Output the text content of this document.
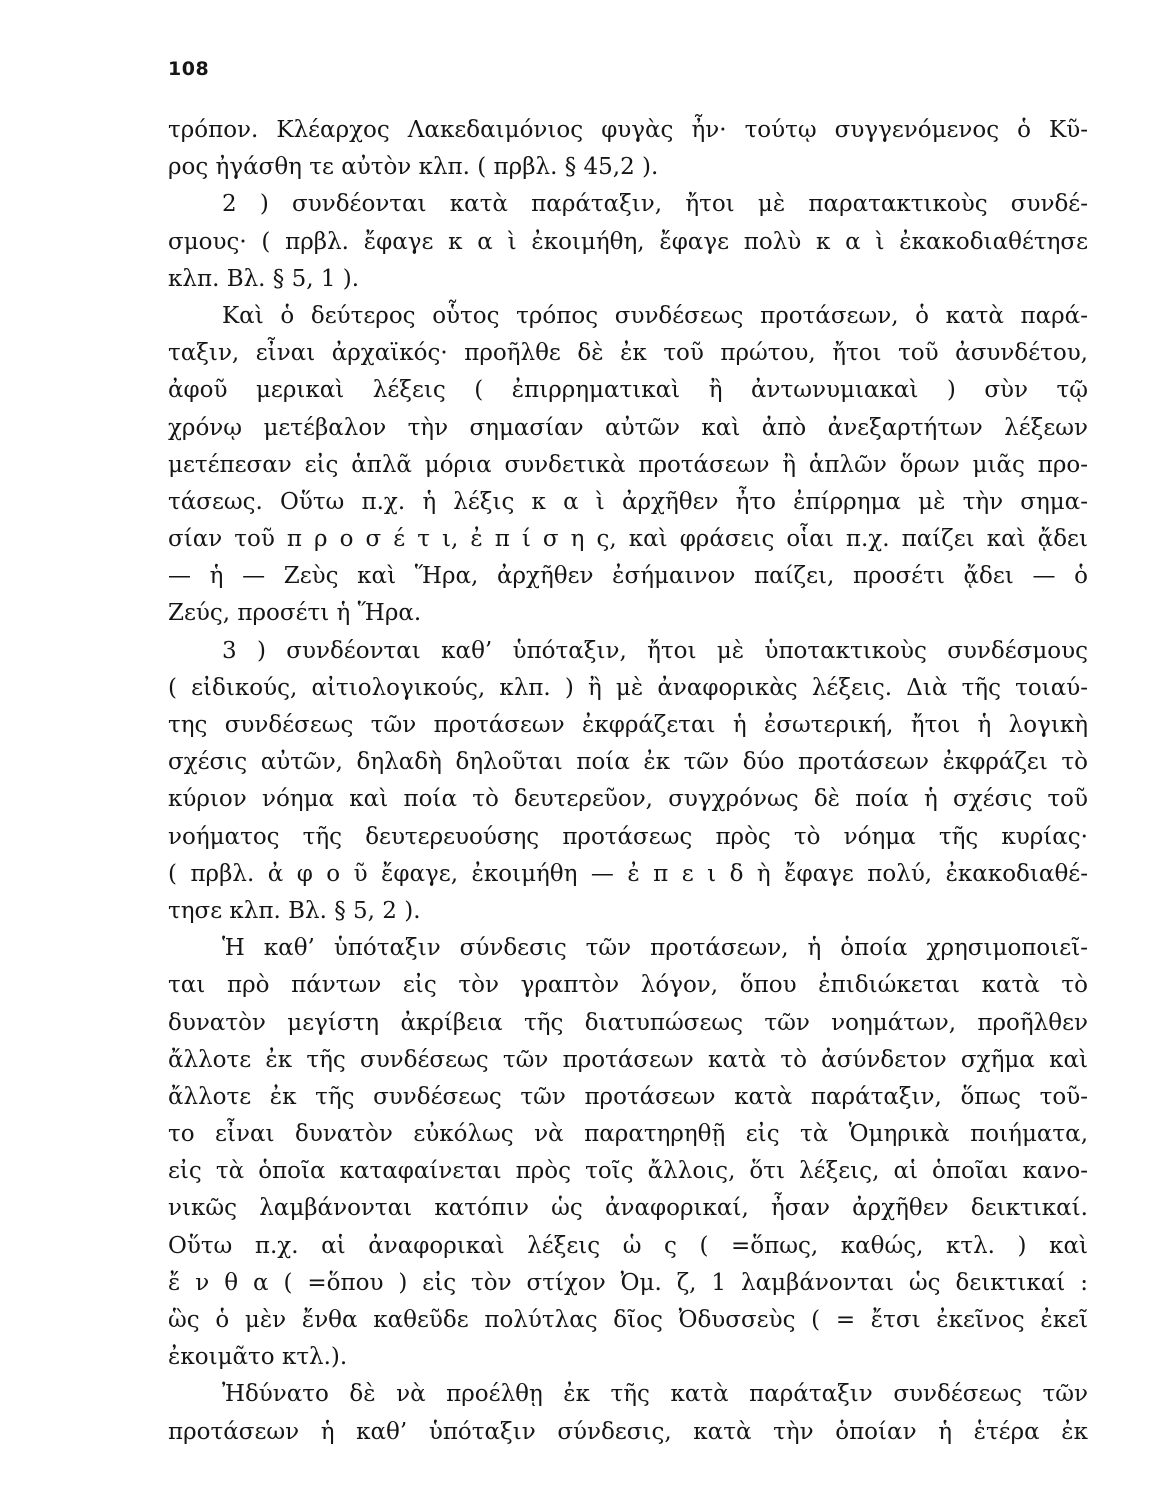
108
τρόπον. Κλέαρχος Λακεδαιμόνιος φυγὰς ἦν· τούτῳ συγγενόμενος ὁ Κῦ-
ρος ἠγάσθη τε αὐτὸν κλπ. ( πρβλ. § 45,2 ).
2 ) συνδέονται κατὰ παράταξιν, ἤτοι μὲ παρατακτικοὺς συνδέ-
σμους· ( πρβλ. ἔφαγε κ α ὶ ἐκοιμήθη, ἔφαγε πολὺ κ α ὶ ἐκακοδιαθέτησε
κλπ. Βλ. § 5, 1 ).
Καὶ ὁ δεύτερος οὗτος τρόπος συνδέσεως προτάσεων, ὁ κατὰ παρά-
ταξιν, εἶναι ἀρχαϊκός· προῆλθε δὲ ἐκ τοῦ πρώτου, ἤτοι τοῦ ἀσυνδέτου,
ἀφοῦ μερικαὶ λέξεις ( ἐπιρρηματικαὶ ἢ ἀντωνυμιακαὶ ) σὺν τῷ
χρόνῳ μετέβαλον τὴν σημασίαν αὐτῶν καὶ ἀπὸ ἀνεξαρτήτων λέξεων
μετέπεσαν εἰς ἁπλᾶ μόρια συνδετικὰ προτάσεων ἢ ἁπλῶν ὅρων μιᾶς προ-
τάσεως. Οὕτω π.χ. ἡ λέξις κ α ὶ ἀρχῆθεν ἦτο ἐπίρρημα μὲ τὴν σημα-
σίαν τοῦ π ρ ο σ έ τ ι, ἐ π ί σ η ς, καὶ φράσεις οἷαι π.χ. παίζει καὶ ᾄδει
— ἡ — Ζεὺς καὶ Ἥρα, ἀρχῆθεν ἐσήμαινον παίζει, προσέτι ᾄδει — ὁ
Ζεύς, προσέτι ἡ Ἥρα.
3 ) συνδέονται καθ’ ὑπόταξιν, ἤτοι μὲ ὑποτακτικοὺς συνδέσμους
( εἰδικούς, αἰτιολογικούς, κλπ. ) ἢ μὲ ἀναφορικὰς λέξεις. Διὰ τῆς τοιαύ-
της συνδέσεως τῶν προτάσεων ἐκφράζεται ἡ ἐσωτερική, ἤτοι ἡ λογικὴ
σχέσις αὐτῶν, δηλαδὴ δηλοῦται ποία ἐκ τῶν δύο προτάσεων ἐκφράζει τὸ
κύριον νόημα καὶ ποία τὸ δευτερεῦον, συγχρόνως δὲ ποία ἡ σχέσις τοῦ
νοήματος τῆς δευτερευούσης προτάσεως πρὸς τὸ νόημα τῆς κυρίας·
( πρβλ. ἀ φ ο ῦ ἔφαγε, ἐκοιμήθη — ἐ π ε ι δ ὴ ἔφαγε πολύ, ἐκακοδιαθέ-
τησε κλπ. Βλ. § 5, 2 ).
Ἡ καθ’ ὑπόταξιν σύνδεσις τῶν προτάσεων, ἡ ὁποία χρησιμοποιεῖ-
ται πρὸ πάντων εἰς τὸν γραπτὸν λόγον, ὅπου ἐπιδιώκεται κατὰ τὸ
δυνατὸν μεγίστη ἀκρίβεια τῆς διατυπώσεως τῶν νοημάτων, προῆλθεν
ἄλλοτε ἐκ τῆς συνδέσεως τῶν προτάσεων κατὰ τὸ ἀσύνδετον σχῆμα καὶ
ἄλλοτε ἐκ τῆς συνδέσεως τῶν προτάσεων κατὰ παράταξιν, ὅπως τοῦ-
το εἶναι δυνατὸν εὐκόλως νὰ παρατηρηθῇ εἰς τὰ Ὁμηρικὰ ποιήματα,
εἰς τὰ ὁποῖα καταφαίνεται πρὸς τοῖς ἄλλοις, ὅτι λέξεις, αἱ ὁποῖαι κανο-
νικῶς λαμβάνονται κατόπιν ὡς ἀναφορικαί, ἦσαν ἀρχῆθεν δεικτικαί.
Οὕτω π.χ. αἱ ἀναφορικαὶ λέξεις ὡ ς ( =ὅπως, καθώς, κτλ. ) καὶ
ἔ ν θ α ( =ὅπου ) εἰς τὸν στίχον Ὀμ. ζ, 1 λαμβάνονται ὡς δεικτικαί :
ὣς ὁ μὲν ἔνθα καθεῦδε πολύτλας δῖος Ὀδυσσεὺς ( = ἔτσι ἐκεῖνος ἐκεῖ
ἐκοιμᾶτο κτλ.).
Ἠδύνατο δὲ νὰ προέλθῃ ἐκ τῆς κατὰ παράταξιν συνδέσεως τῶν
προτάσεων ἡ καθ’ ὑπόταξιν σύνδεσις, κατὰ τὴν ὁποίαν ἡ ἑτέρα ἐκ
